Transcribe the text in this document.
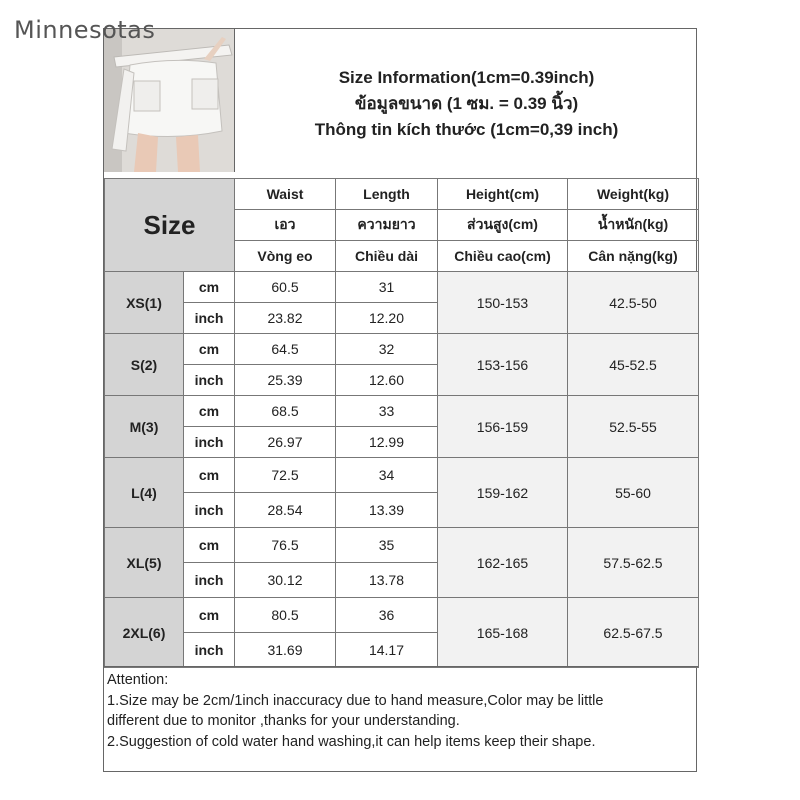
Minnesotas
Size Information(1cm=0.39inch)
ข้อมูลขนาด (1 ซม. = 0.39 นิ้ว)
Thông tin kích thước (1cm=0,39 inch)
Size		Waist	Length	Height(cm)	Weight(kg)
		เอว	ความยาว	ส่วนสูง(cm)	น้ำหนัก(kg)
		Vòng eo	Chiều dài	Chiều cao(cm)	Cân nặng(kg)
XS(1)	cm	60.5	31	150-153	42.5-50
	inch	23.82	12.20		
S(2)	cm	64.5	32	153-156	45-52.5
	inch	25.39	12.60		
M(3)	cm	68.5	33	156-159	52.5-55
	inch	26.97	12.99		
L(4)	cm	72.5	34	159-162	55-60
	inch	28.54	13.39		
XL(5)	cm	76.5	35	162-165	57.5-62.5
	inch	30.12	13.78		
2XL(6)	cm	80.5	36	165-168	62.5-67.5
	inch	31.69	14.17		
Attention:
1.Size may be 2cm/1inch inaccuracy due to hand measure,Color may be little
different due to monitor ,thanks for your understanding.
2.Suggestion of cold water hand washing,it can help items keep their shape.
